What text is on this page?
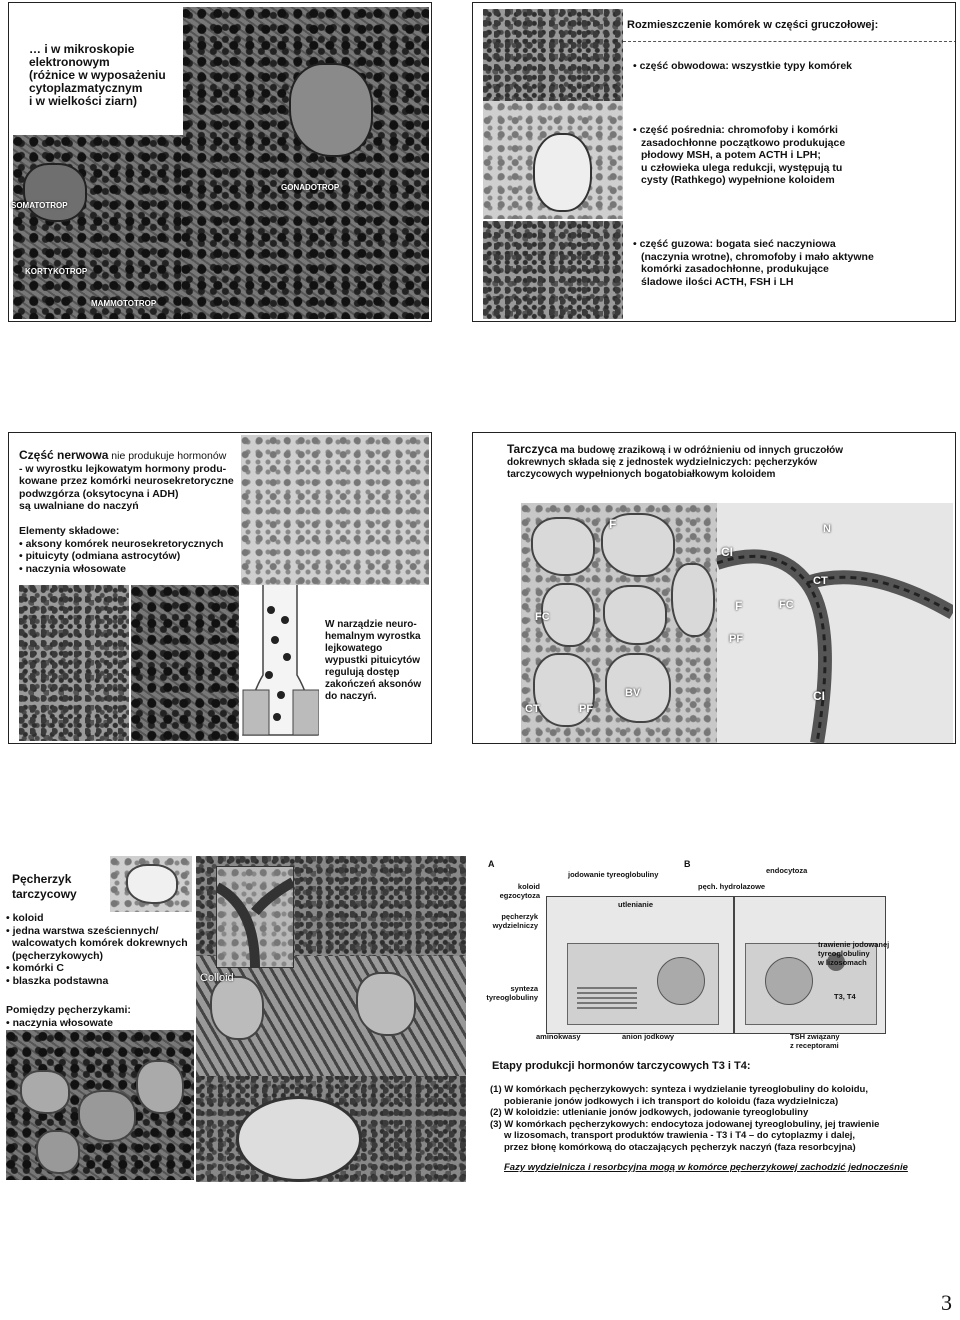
… i w mikroskopie
elektronowym
(różnice w wyposażeniu
cytoplazmatycznym
i w wielkości ziarn)
GONADOTROP
SOMATOTROP
KORTYKOTROP
MAMMOTOTROP
Rozmieszczenie komórek w części gruczołowej:
• część obwodowa: wszystkie typy komórek
• część pośrednia: chromofoby i komórki
zasadochłonne początkowo produkujące
płodowy MSH, a potem ACTH i LPH;
u człowieka ulega redukcji, występują tu
cysty (Rathkego) wypełnione koloidem
• część guzowa: bogata sieć naczyniowa
(naczynia wrotne), chromofoby i mało aktywne
komórki zasadochłonne, produkujące
śladowe ilości ACTH, FSH i LH
Część nerwowa nie produkuje hormonów
- w wyrostku lejkowatym hormony produ-
kowane przez komórki neurosekretoryczne
podwzgórza (oksytocyna i ADH)
są uwalniane do naczyń
Elementy składowe:
• aksony komórek neurosekretorycznych
• pituicyty (odmiana astrocytów)
• naczynia włosowate
W narządzie neuro-
hemalnym wyrostka
lejkowatego
wypustki pituicytów
regulują dostęp
zakończeń aksonów
do naczyń.
Tarczyca ma budowę zrazikową i w odróżnieniu od innych gruczołów
dokrewnych składa się z jednostek wydzielniczych: pęcherzyków
tarczycowych wypełnionych bogatobiałkowym koloidem
F
FC
CT	PF
BV
CI
N
CT
F	FC
PF
CI
Pęcherzyk
tarczycowy
• koloid
• jedna warstwa sześciennych/
walcowatych komórek dokrewnych
(pęcherzykowych)
• komórki C
• blaszka podstawna
Pomiędzy pęcherzykami:
• naczynia włosowate
Colloid
A	B
jodowanie tyreoglobuliny
koloid
egzocytoza
utlenianie
pęcherzyk
wydzielniczy
synteza
tyreoglobuliny
aminokwasy	anion jodkowy
endocytoza
pęch. hydrolazowe
trawienie jodowanej
tyreoglobuliny
w lizosomach
T3, T4
TSH związany
z receptorami
Etapy produkcji hormonów tarczycowych T3 i T4:
(1) W komórkach pęcherzykowych: synteza i wydzielanie tyreoglobuliny do koloidu,
pobieranie jonów jodkowych i ich transport do koloidu (faza wydzielnicza)
(2) W koloidzie: utlenianie jonów jodkowych, jodowanie tyreoglobuliny
(3) W komórkach pęcherzykowych: endocytoza jodowanej tyreoglobuliny, jej trawienie
w lizosomach, transport produktów trawienia - T3 i T4 – do cytoplazmy i dalej,
przez błonę komórkową do otaczających pęcherzyk naczyń (faza resorbcyjna)
Fazy wydzielnicza i resorbcyjna mogą w komórce pęcherzykowej zachodzić jednocześnie
3
